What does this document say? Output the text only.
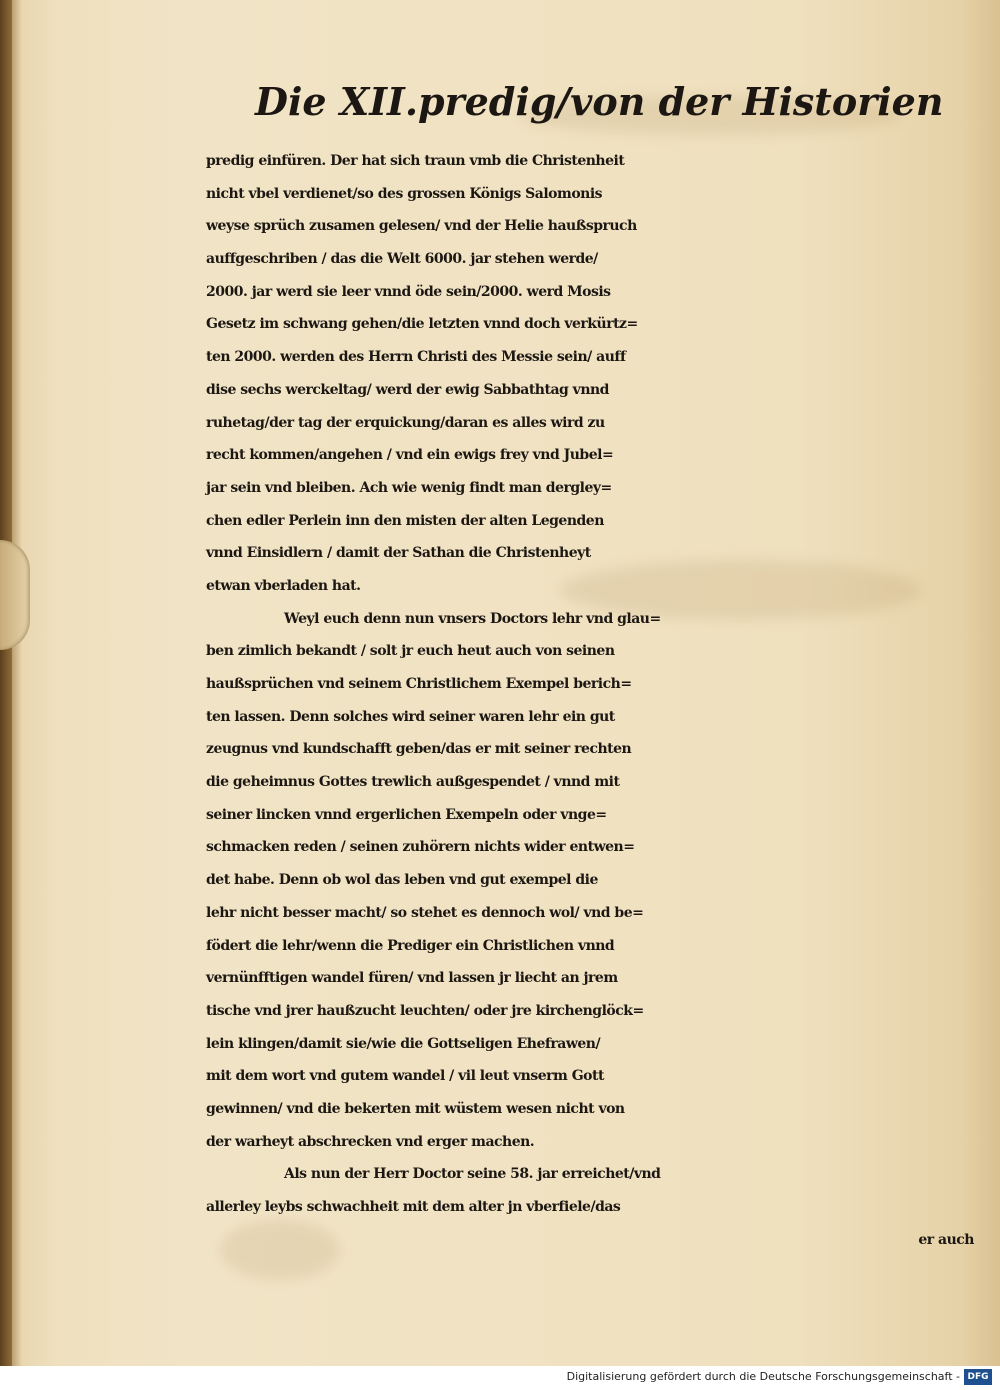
Die XII.predig/von der Historien
predig einfüren. Der hat sich traun vmb die Christenheit
nicht vbel verdienet/so des grossen Königs Salomonis
weyse sprüch zusamen gelesen/ vnd der Helie haußspruch
auffgeschriben / das die Welt 6000. jar stehen werde/
2000. jar werd sie leer vnnd öde sein/2000. werd Mosis
Gesetz im schwang gehen/die letzten vnnd doch verkürtz=
ten 2000. werden des Herrn Christi des Messie sein/ auff
dise sechs werckeltag/ werd der ewig Sabbathtag vnnd
ruhetag/der tag der erquickung/daran es alles wird zu
recht kommen/angehen / vnd ein ewigs frey vnd Jubel=
jar sein vnd bleiben. Ach wie wenig findt man dergley=
chen edler Perlein inn den misten der alten Legenden
vnnd Einsidlern / damit der Sathan die Christenheyt
etwan vberladen hat.
Weyl euch denn nun vnsers Doctors lehr vnd glau=
ben zimlich bekandt / solt jr euch heut auch von seinen
haußsprüchen vnd seinem Christlichem Exempel berich=
ten lassen. Denn solches wird seiner waren lehr ein gut
zeugnus vnd kundschafft geben/das er mit seiner rechten
die geheimnus Gottes trewlich außgespendet / vnnd mit
seiner lincken vnnd ergerlichen Exempeln oder vnge=
schmacken reden / seinen zuhörern nichts wider entwen=
det habe. Denn ob wol das leben vnd gut exempel die
lehr nicht besser macht/ so stehet es dennoch wol/ vnd be=
födert die lehr/wenn die Prediger ein Christlichen vnnd
vernünfftigen wandel füren/ vnd lassen jr liecht an jrem
tische vnd jrer haußzucht leuchten/ oder jre kirchenglöck=
lein klingen/damit sie/wie die Gottseligen Ehefrawen/
mit dem wort vnd gutem wandel / vil leut vnserm Gott
gewinnen/ vnd die bekerten mit wüstem wesen nicht von
der warheyt abschrecken vnd erger machen.
Als nun der Herr Doctor seine 58. jar erreichet/vnd
allerley leybs schwachheit mit dem alter jn vberfiele/das
er auch
Digitalisierung gefördert durch die Deutsche Forschungsgemeinschaft - DFG
